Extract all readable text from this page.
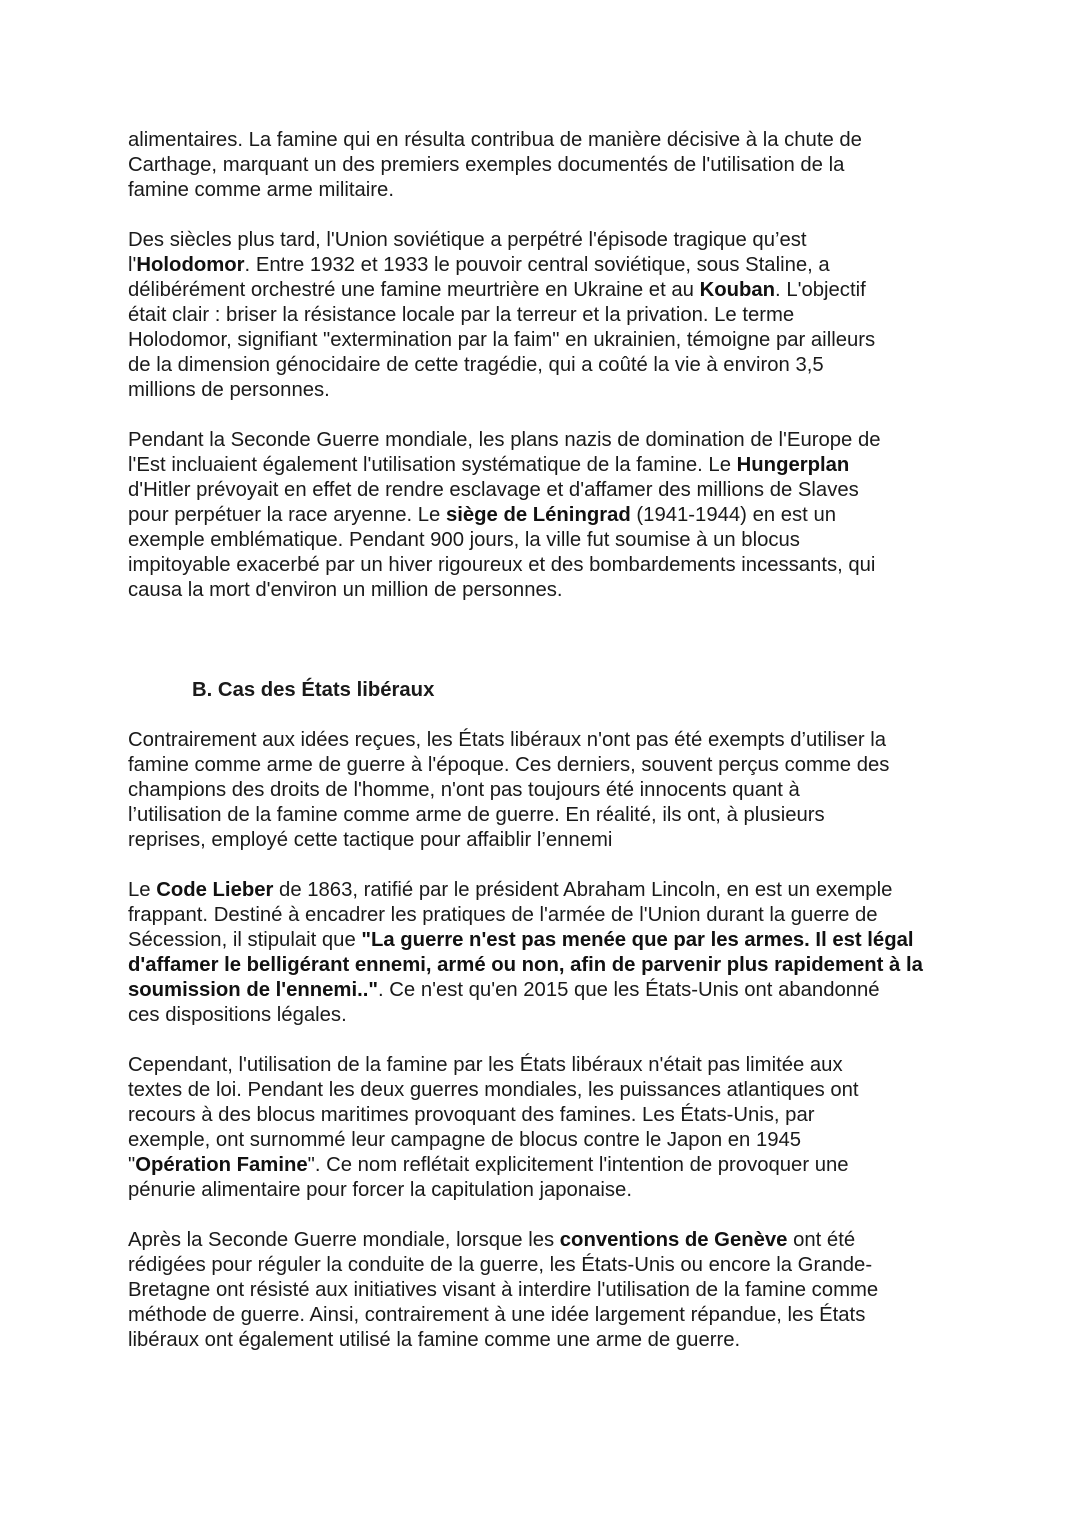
alimentaires. La famine qui en résulta contribua de manière décisive à la chute de
Carthage, marquant un des premiers exemples documentés de l'utilisation de la
famine comme arme militaire.

Des siècles plus tard, l'Union soviétique a perpétré l'épisode tragique qu’est
l'Holodomor. Entre 1932 et 1933 le pouvoir central soviétique, sous Staline, a
délibérément orchestré une famine meurtrière en Ukraine et au Kouban. L'objectif
était clair : briser la résistance locale par la terreur et la privation. Le terme
Holodomor, signifiant "extermination par la faim" en ukrainien, témoigne par ailleurs
de la dimension génocidaire de cette tragédie, qui a coûté la vie à environ 3,5
millions de personnes.

Pendant la Seconde Guerre mondiale, les plans nazis de domination de l'Europe de
l'Est incluaient également l'utilisation systématique de la famine. Le Hungerplan
d'Hitler prévoyait en effet de rendre esclavage et d'affamer des millions de Slaves
pour perpétuer la race aryenne. Le siège de Léningrad (1941-1944) en est un
exemple emblématique. Pendant 900 jours, la ville fut soumise à un blocus
impitoyable exacerbé par un hiver rigoureux et des bombardements incessants, qui
causa la mort d'environ un million de personnes.

B. Cas des États libéraux

Contrairement aux idées reçues, les États libéraux n'ont pas été exempts d’utiliser la
famine comme arme de guerre à l'époque. Ces derniers, souvent perçus comme des
champions des droits de l'homme, n'ont pas toujours été innocents quant à
l’utilisation de la famine comme arme de guerre. En réalité, ils ont, à plusieurs
reprises, employé cette tactique pour affaiblir l’ennemi

Le Code Lieber de 1863, ratifié par le président Abraham Lincoln, en est un exemple
frappant. Destiné à encadrer les pratiques de l'armée de l'Union durant la guerre de
Sécession, il stipulait que "La guerre n'est pas menée que par les armes. Il est légal
d'affamer le belligérant ennemi, armé ou non, afin de parvenir plus rapidement à la
soumission de l'ennemi..". Ce n'est qu'en 2015 que les États-Unis ont abandonné
ces dispositions légales.

Cependant, l'utilisation de la famine par les États libéraux n'était pas limitée aux
textes de loi. Pendant les deux guerres mondiales, les puissances atlantiques ont
recours à des blocus maritimes provoquant des famines. Les États-Unis, par
exemple, ont surnommé leur campagne de blocus contre le Japon en 1945
"Opération Famine". Ce nom reflétait explicitement l'intention de provoquer une
pénurie alimentaire pour forcer la capitulation japonaise.

Après la Seconde Guerre mondiale, lorsque les conventions de Genève ont été
rédigées pour réguler la conduite de la guerre, les États-Unis ou encore la Grande-
Bretagne ont résisté aux initiatives visant à interdire l'utilisation de la famine comme
méthode de guerre. Ainsi, contrairement à une idée largement répandue, les États
libéraux ont également utilisé la famine comme une arme de guerre.
